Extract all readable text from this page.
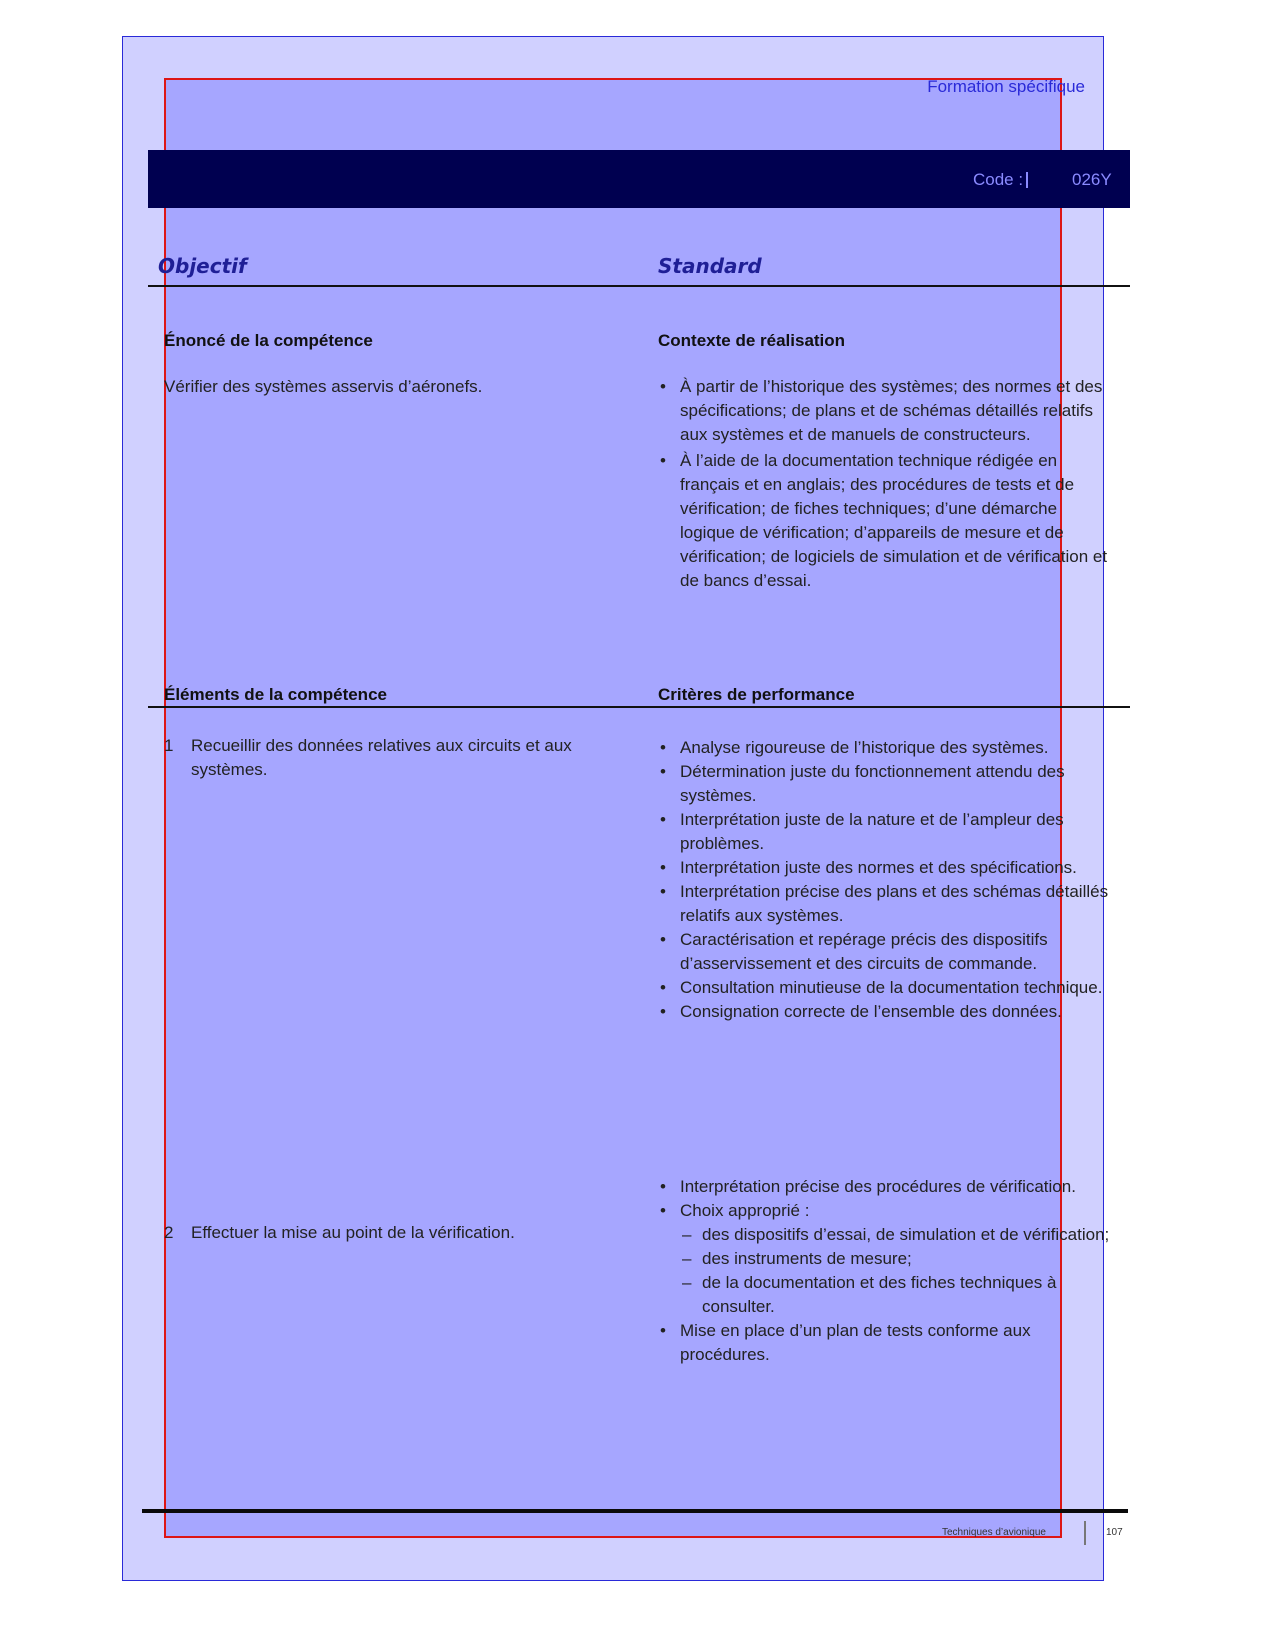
Formation spécifique
Code :	026Y
Objectif	Standard
Énoncé de la compétence	Contexte de réalisation
Vérifier des systèmes asservis d’aéronefs.
•	À partir de l’historique des systèmes; des normes et des spécifications; de plans et de schémas détaillés relatifs aux systèmes et de manuels de constructeurs.
• À l’aide de la documentation technique rédigée en français et en anglais; des procédures de tests et de vérification; de fiches techniques; d’une démarche logique de vérification; d’appareils de mesure et de vérification; de logiciels de simulation et de vérification et de bancs d’essai.
Éléments de la compétence	Critères de performance
1 Recueillir des données relatives aux circuits et aux systèmes.
• Analyse rigoureuse de l’historique des systèmes.
• Détermination juste du fonctionnement attendu des systèmes.
• Interprétation juste de la nature et de l’ampleur des problèmes.
• Interprétation juste des normes et des spécifications.
• Interprétation précise des plans et des schémas détaillés relatifs aux systèmes.
• Caractérisation et repérage précis des dispositifs d’asservissement et des circuits de commande.
• Consultation minutieuse de la documentation technique.
• Consignation correcte de l’ensemble des données.
2 Effectuer la mise au point de la vérification.
• Interprétation précise des procédures de vérification.
• Choix approprié :
– des dispositifs d’essai, de simulation et de vérification;
– des instruments de mesure;
– de la documentation et des fiches techniques à consulter.
• Mise en place d’un plan de tests conforme aux procédures.
Techniques d’avionique	107
